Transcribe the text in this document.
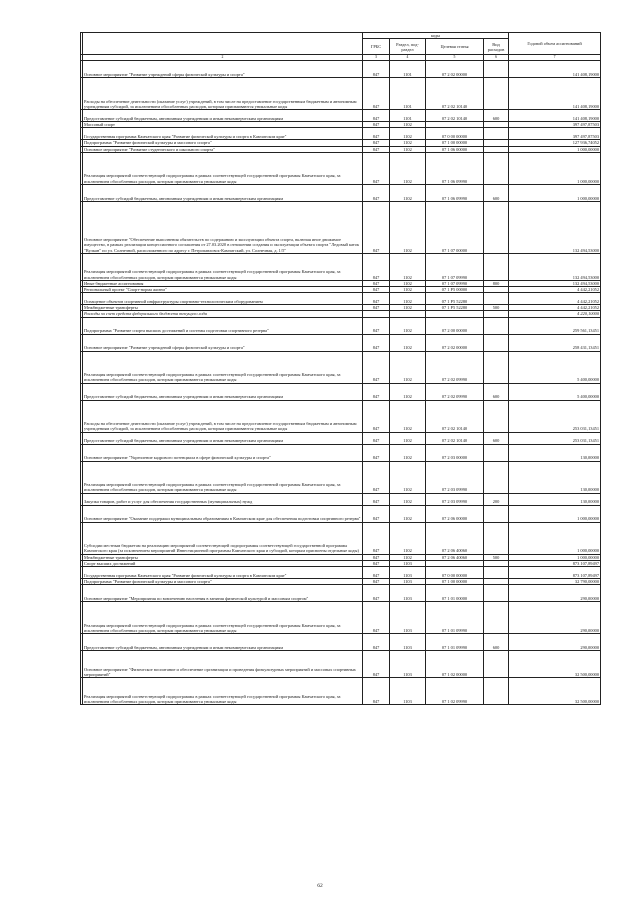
		коды				Годовой объем ассигнований
		ГРБС	Раздел, под-раздел	Целевая статья	Вид расходов	
	2	3	4	5	6	7
	Основное мероприятие "Развитие учреждений сферы физической культуры и спорта"	847	1101	07 2 02 00000		141 408,19000
	Расходы на обеспечение деятельности (оказание услуг) учреждений, в том числе на предоставление государственным бюджетным и автономным учреждениям субсидий, за исключением обособленных расходов, которым присваиваются уникальные коды	847	1101	07 2 02 10140		141 408,19000
	Предоставление субсидий бюджетным, автономным учреждениям и иным некоммерческим организациям	847	1101	07 2 02 10140	600	141 408,19000
	Массовый спорт	847	1102			397 497,87503
	Государственная программа Камчатского края "Развитие физической культуры и спорта в Камчатском крае"	847	1102	07 0 00 00000		397 497,87503
	Подпрограмма "Развитие физической культуры и массового спорта"	847	1102	07 1 00 00000		127 936,74052
	Основное мероприятие "Развитие студенческого и школьного спорта"	847	1102	07 1 06 00000		1 000,00000
	Реализация мероприятий соответствующей подпрограммы в рамках соответствующей государственной программы Камчатского края, за исключением обособленных расходов, которым присваиваются уникальные коды	847	1102	07 1 06 09990		1 000,00000
	Предоставление субсидий бюджетным, автономным учреждениям и иным некоммерческим организациям	847	1102	07 1 06 09990	600	1 000,00000
	Основное мероприятие "Обеспечение выполнения обязательств по содержанию и эксплуатации объекта спорта, включая иное движимое имущество, в рамках реализации концессионного соглашения от 27.03.2020 в отношении создания и эксплуатации объекта спорта "Ледовый каток "Вулкан" по ул. Солнечной, расположенного по адресу г. Петропавловск-Камчатский, ул. Солнечная, д. 1/5"	847	1102	07 1 07 00000		132 494,53000
	Реализация мероприятий соответствующей подпрограммы в рамках соответствующей государственной программы Камчатского края, за исключением обособленных расходов, которым присваиваются уникальные коды	847	1102	07 1 07 09990		132 494,53000
	Иные бюджетные ассигнования	847	1102	07 1 07 09990	800	132 494,53000
	Региональный проект "Спорт-норма жизни"	847	1102	07 1 P5 00000		4 442,21052
	Оснащение объектов спортивной инфраструктуры спортивно-технологическим оборудованием	847	1102	07 1 P5 52280		4 442,21052
	Межбюджетные трансферты	847	1102	07 1 P5 52280	500	4 442,21052
	Расходы за счет средств федерального бюджета текущего года					4 220,10000
	Подпрограмма "Развитие спорта высших достижений и системы подготовки спортивного резерва"	847	1102	07 2 00 00000		259 561,13451
	Основное мероприятие "Развитие учреждений сферы физической культуры и спорта"	847	1102	07 2 02 00000		258 431,13451
	Реализация мероприятий соответствующей подпрограммы в рамках соответствующей государственной программы Камчатского края, за исключением обособленных расходов, которым присваиваются уникальные коды	847	1102	07 2 02 09990		5 400,00000
	Предоставление субсидий бюджетным, автономным учреждениям и иным некоммерческим организациям	847	1102	07 2 02 09990	600	5 400,00000
	Расходы на обеспечение деятельности (оказание услуг) учреждений, в том числе на предоставление государственным бюджетным и автономным учреждениям субсидий, за исключением обособленных расходов, которым присваиваются уникальные коды	847	1102	07 2 02 10140		253 031,13451
	Предоставление субсидий бюджетным, автономным учреждениям и иным некоммерческим организациям	847	1102	07 2 02 10140	600	253 031,13451
	Основное мероприятие "Укрепление кадрового потенциала в сфере физической культуры и спорта"	847	1102	07 2 03 00000		130,00000
	Реализация мероприятий соответствующей подпрограммы в рамках соответствующей государственной программы Камчатского края, за исключением обособленных расходов, которым присваиваются уникальные коды	847	1102	07 2 03 09990		130,00000
	Закупка товаров, работ и услуг для обеспечения государственных (муниципальных) нужд	847	1102	07 2 03 09990	200	130,00000
	Основное мероприятие "Оказание поддержки муниципальным образованиям в Камчатском крае для обеспечения подготовки спортивного резерва"	847	1102	07 2 06 00000		1 000,00000
	Субсидии местным бюджетам на реализацию мероприятий соответствующей подпрограммы соответствующей государственной программы Камчатского края (за исключением мероприятий Инвестиционной программы Камчатского края и субсидий, которым присвоены отдельные коды)	847	1102	07 2 06 40060		1 000,00000
	Межбюджетные трансферты	847	1102	07 2 06 40060	500	1 000,00000
	Спорт высших достижений	847	1103			873 107,89497
	Государственная программа Камчатского края "Развитие физической культуры и спорта в Камчатском крае"	847	1103	07 0 00 00000		873 107,89497
	Подпрограмма "Развитие физической культуры и массового спорта"	847	1103	07 1 00 00000		32 790,00000
	Основное мероприятие "Мероприятия по вовлечению населения в занятия физической культурой и массовым спортом"	847	1103	07 1 01 00000		290,00000
	Реализация мероприятий соответствующей подпрограммы в рамках соответствующей государственной программы Камчатского края, за исключением обособленных расходов, которым присваиваются уникальные коды	847	1103	07 1 01 09990		290,00000
	Предоставление субсидий бюджетным, автономным учреждениям и иным некоммерческим организациям	847	1103	07 1 01 09990	600	290,00000
	Основное мероприятие "Физическое воспитание и обеспечение организации и проведения физкультурных мероприятий и массовых спортивных мероприятий"	847	1103	07 1 02 00000		32 500,00000
	Реализация мероприятий соответствующей подпрограммы в рамках соответствующей государственной программы Камчатского края, за исключением обособленных расходов, которым присваиваются уникальные коды	847	1103	07 1 02 09990		32 500,00000
62
